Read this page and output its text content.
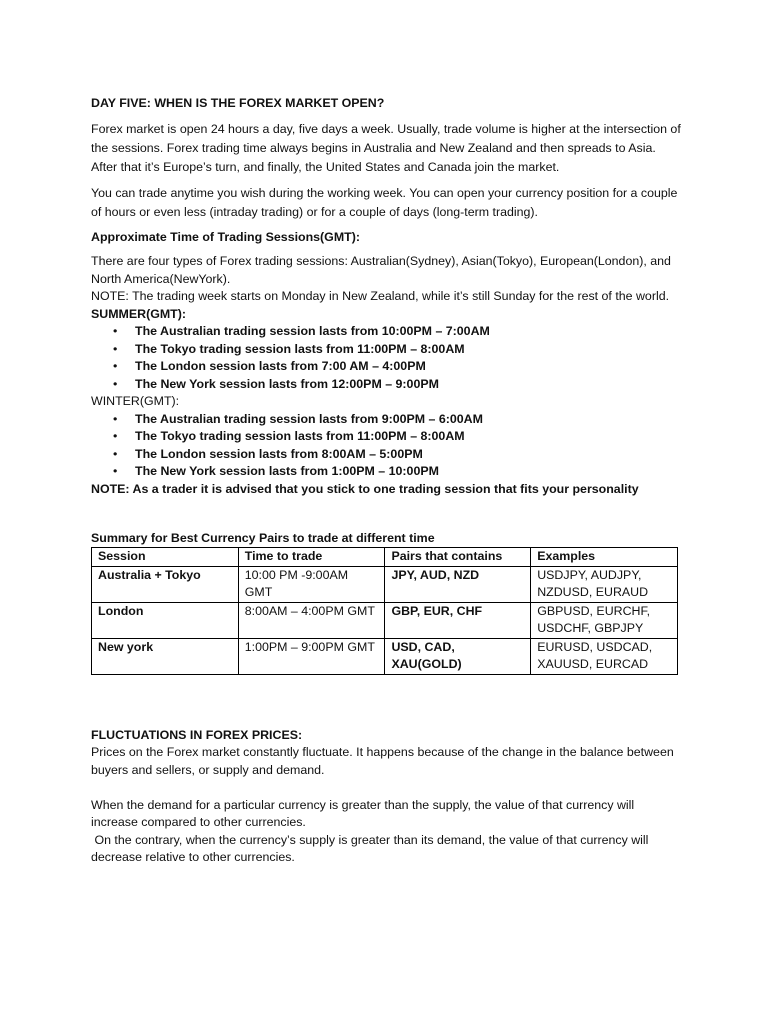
DAY FIVE: WHEN IS THE FOREX MARKET OPEN?

Forex market is open 24 hours a day, five days a week. Usually, trade volume is higher at the intersection of the sessions. Forex trading time always begins in Australia and New Zealand and then spreads to Asia. After that it’s Europe’s turn, and finally, the United States and Canada join the market.

You can trade anytime you wish during the working week. You can open your currency position for a couple of hours or even less (intraday trading) or for a couple of days (long-term trading).

Approximate Time of Trading Sessions(GMT):

There are four types of Forex trading sessions: Australian(Sydney), Asian(Tokyo), European(London), and North America(NewYork).

NOTE: The trading week starts on Monday in New Zealand, while it’s still Sunday for the rest of the world.

SUMMER(GMT):
• The Australian trading session lasts from 10:00PM – 7:00AM
• The Tokyo trading session lasts from 11:00PM – 8:00AM
• The London session lasts from 7:00 AM – 4:00PM
• The New York session lasts from 12:00PM – 9:00PM
WINTER(GMT):
• The Australian trading session lasts from 9:00PM – 6:00AM
• The Tokyo trading session lasts from 11:00PM – 8:00AM
• The London session lasts from 8:00AM – 5:00PM
• The New York session lasts from 1:00PM – 10:00PM
NOTE: As a trader it is advised that you stick to one trading session that fits your personality
Summary for Best Currency Pairs to trade at different time
Session	Time to trade	Pairs that contains	Examples
Australia + Tokyo	10:00 PM -9:00AM GMT	JPY, AUD, NZD	USDJPY, AUDJPY, NZDUSD, EURAUD
London	8:00AM – 4:00PM GMT	GBP, EUR, CHF	GBPUSD, EURCHF, USDCHF, GBPJPY
New york	1:00PM – 9:00PM GMT	USD, CAD, XAU(GOLD)	EURUSD, USDCAD, XAUUSD, EURCAD
FLUCTUATIONS IN FOREX PRICES:

Prices on the Forex market constantly fluctuate. It happens because of the change in the balance between buyers and sellers, or supply and demand.

When the demand for a particular currency is greater than the supply, the value of that currency will increase compared to other currencies.

On the contrary, when the currency’s supply is greater than its demand, the value of that currency will decrease relative to other currencies.
